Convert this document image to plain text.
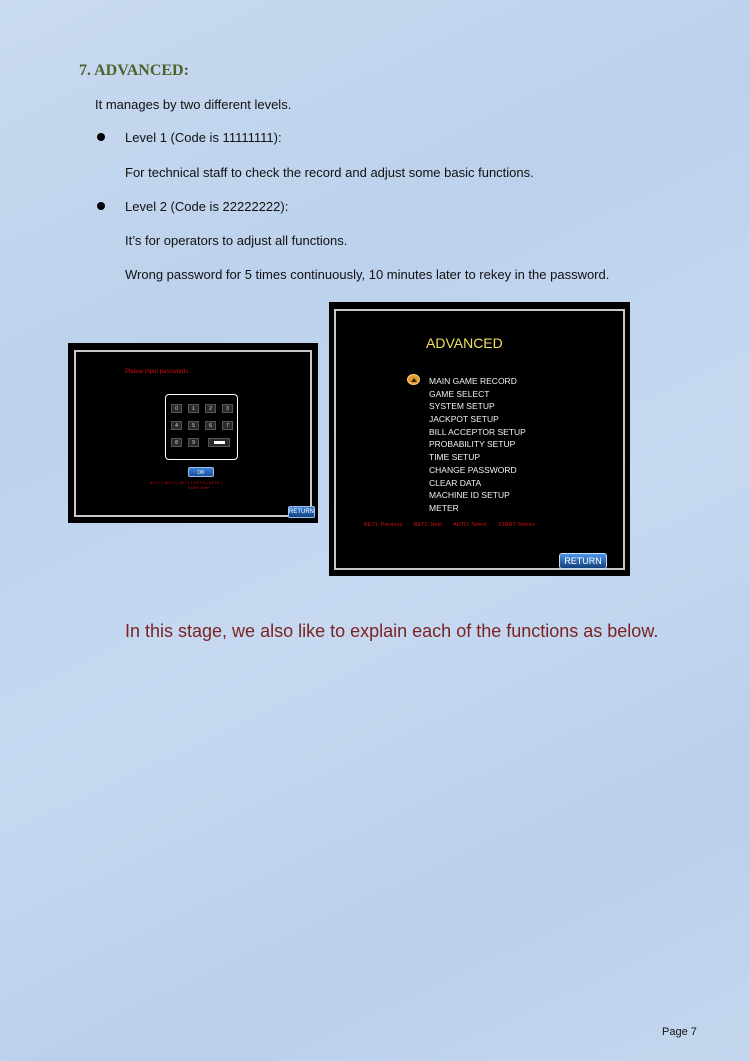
7. ADVANCED:
It manages by two different levels.
Level 1 (Code is 11111111):
For technical staff to check the record and adjust some basic functions.
Level 2 (Code is 22222222):
It’s for operators to adjust all functions.
Wrong password for 5 times continuously, 10 minutes later to rekey in the password.
Please input passwords.
0	1	2	3
4	5	6	7
8	9
OK
BET1:1 BET2:1 BET3:1 BET4:1 BET5:1
START: Enter
RETURN
ADVANCED
MAIN GAME RECORD
GAME SELECT
SYSTEM SETUP
JACKPOT SETUP
BILL ACCEPTOR SETUP
PROBABILITY SETUP
TIME SETUP
CHANGE PASSWORD
CLEAR DATA
MACHINE ID SETUP
METER
BET1: Previous BET2: Next AUTO: Select START: Return
RETURN
In this stage, we also like to explain each of the functions as below.
Page 7
